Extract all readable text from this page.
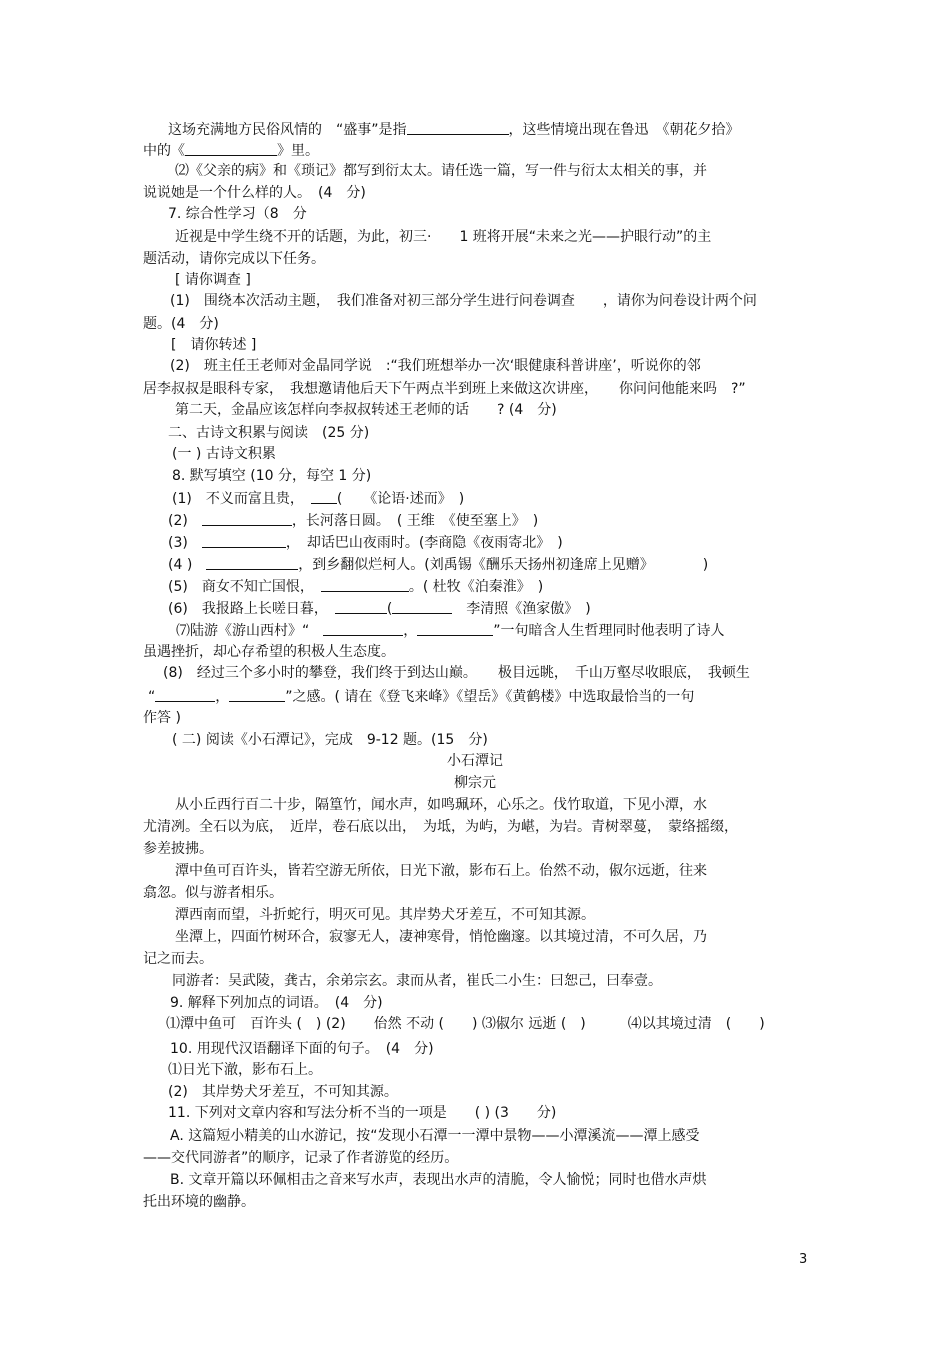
这场充满地方民俗风情的　“盛事”是指	，这些情境出现在鲁迅　《朝花夕拾》
中的《	》里。
⑵《父亲的病》和《琐记》都写到衍太太。请任选一篇，写一件与衍太太相关的事，并
说说她是一个什么样的人。　(4　分)
7. 综合性学习（8　分
近视是中学生绕不开的话题，为此，初三·　　1 班将开展“未来之光——护眼行动”的主
题活动，请你完成以下任务。
[ 请你调查 ]
(1)　围绕本次活动主题，　我们准备对初三部分学生进行问卷调查　　，请你为问卷设计两个问
题。(4　分)
[　请你转述 ]
(2)　班主任王老师对金晶同学说　:“我们班想举办一次‘眼健康科普讲座’，听说你的邻
居李叔叔是眼科专家，　我想邀请他后天下午两点半到班上来做这次讲座，　　你问问他能来吗　?”
第二天，金晶应该怎样向李叔叔转述王老师的话　　? (4　分)
二、古诗文积累与阅读　(25 分)
(一 ) 古诗文积累
8. 默写填空 (10 分，每空 1 分)
(1)　不义而富且贵，　(　　《论语·述而》　)
(2)　	，长河落日圆。　( 王维　《使至塞上》　)
(3)　	，　却话巴山夜雨时。(李商隐《夜雨寄北》　)
(4 )　	，到乡翻似烂柯人。(刘禹锡《酬乐天扬州初逢席上见赠》　　　　)
(5)　商女不知亡国恨，　	。( 杜牧《泊秦淮》　)
(6)　我报路上长嗟日暮，　	(	　李清照《渔家傲》　)
⑺陆游《游山西村》“　	，	”一句暗含人生哲理同时他表明了诗人
虽遇挫折，却心存希望的积极人生态度。
(8)　经过三个多小时的攀登，我们终于到达山巅。　　极目远眺，　千山万壑尽收眼底，　我顿生
“	，	”之感。( 请在《登飞来峰》《望岳》《黄鹤楼》中选取最恰当的一句
作答 )
( 二) 阅读《小石潭记》，完成　9-12 题。(15　分)
小石潭记
柳宗元
从小丘西行百二十步，隔篁竹，闻水声，如鸣珮环，心乐之。伐竹取道，下见小潭，水
尤清冽。全石以为底，　近岸，卷石底以出，　为坻，为屿，为嵁，为岩。青树翠蔓，　蒙络摇缀，
参差披拂。
潭中鱼可百许头，皆若空游无所依，日光下澈，影布石上。佁然不动，俶尔远逝，往来
翕忽。似与游者相乐。
潭西南而望，斗折蛇行，明灭可见。其岸势犬牙差互，不可知其源。
坐潭上，四面竹树环合，寂寥无人，凄神寒骨，悄怆幽邃。以其境过清，不可久居，乃
记之而去。
同游者：吴武陵，龚古，余弟宗玄。隶而从者，崔氏二小生：曰恕己，曰奉壹。
9. 解释下列加点的词语。　(4　分)
⑴潭中鱼可　百许头 (　) (2)　　佁然 不动 (　　) ⑶俶尔 远逝 (　)　　　⑷以其境过清　(　　)
10. 用现代汉语翻译下面的句子。　(4　分)
⑴日光下澈，影布石上。
(2)　其岸势犬牙差互，不可知其源。
11. 下列对文章内容和写法分析不当的一项是　　( ) (3　　分)
A. 这篇短小精美的山水游记，按“发现小石潭一一潭中景物——小潭溪流——潭上感受
——交代同游者”的顺序，记录了作者游览的经历。
B. 文章开篇以环佩相击之音来写水声，表现出水声的清脆，令人愉悦；同时也借水声烘
托出环境的幽静。
3
